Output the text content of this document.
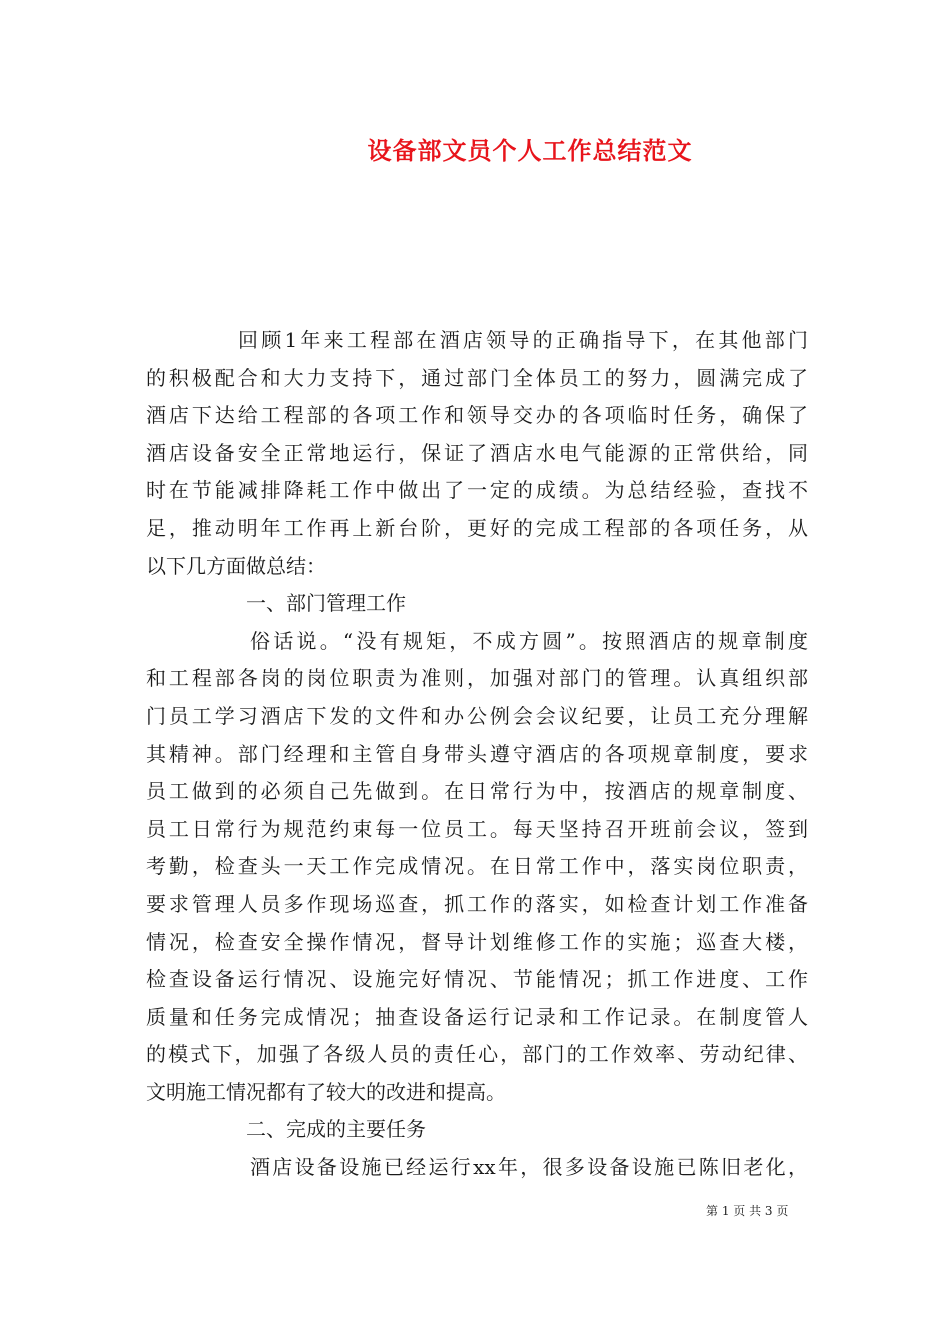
设备部文员个人工作总结范文
回顾1年来工程部在酒店领导的正确指导下，在其他部门
的积极配合和大力支持下，通过部门全体员工的努力，圆满完成了
酒店下达给工程部的各项工作和领导交办的各项临时任务，确保了
酒店设备安全正常地运行，保证了酒店水电气能源的正常供给，同
时在节能减排降耗工作中做出了一定的成绩。为总结经验，查找不
足，推动明年工作再上新台阶，更好的完成工程部的各项任务，从
以下几方面做总结：
一、部门管理工作
俗话说。“没有规矩，不成方圆”。按照酒店的规章制度
和工程部各岗的岗位职责为准则，加强对部门的管理。认真组织部
门员工学习酒店下发的文件和办公例会会议纪要，让员工充分理解
其精神。部门经理和主管自身带头遵守酒店的各项规章制度，要求
员工做到的必须自己先做到。在日常行为中，按酒店的规章制度、
员工日常行为规范约束每一位员工。每天坚持召开班前会议，签到
考勤，检查头一天工作完成情况。在日常工作中，落实岗位职责，
要求管理人员多作现场巡查，抓工作的落实，如检查计划工作准备
情况，检查安全操作情况，督导计划维修工作的实施；巡查大楼，
检查设备运行情况、设施完好情况、节能情况；抓工作进度、工作
质量和任务完成情况；抽查设备运行记录和工作记录。在制度管人
的模式下，加强了各级人员的责任心，部门的工作效率、劳动纪律、
文明施工情况都有了较大的改进和提高。
二、完成的主要任务
酒店设备设施已经运行xx年，很多设备设施已陈旧老化，
第 1 页 共 3 页
